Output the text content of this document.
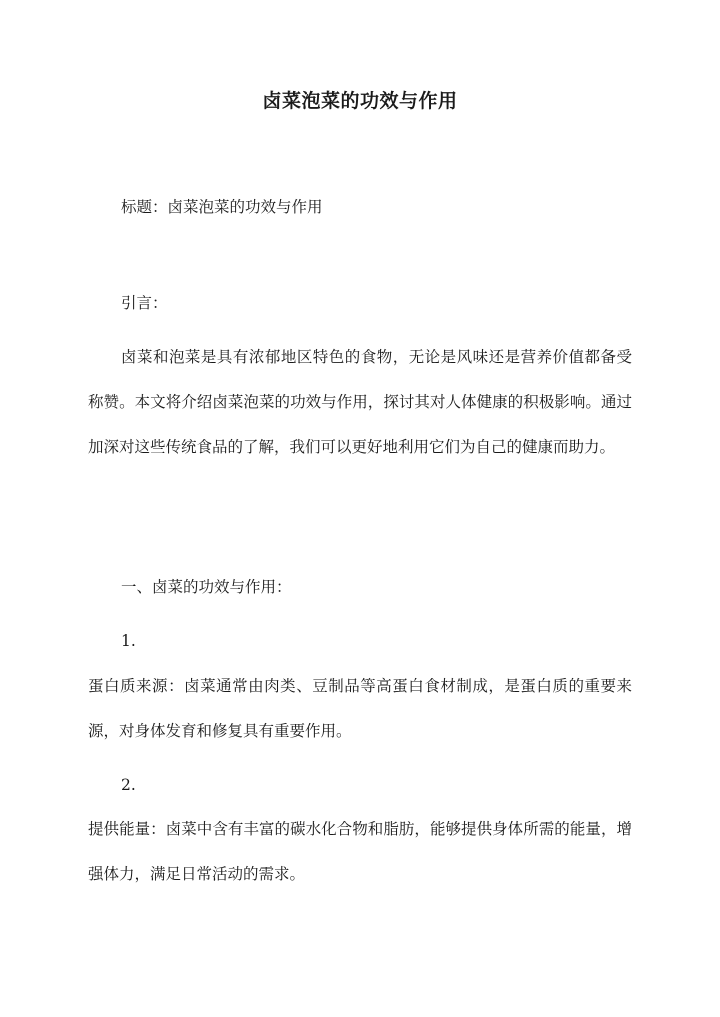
卤菜泡菜的功效与作用
标题：卤菜泡菜的功效与作用
引言：
卤菜和泡菜是具有浓郁地区特色的食物，无论是风味还是营养价值都备受称赞。本文将介绍卤菜泡菜的功效与作用，探讨其对人体健康的积极影响。通过加深对这些传统食品的了解，我们可以更好地利用它们为自己的健康而助力。
一、卤菜的功效与作用：
1.
蛋白质来源：卤菜通常由肉类、豆制品等高蛋白食材制成，是蛋白质的重要来源，对身体发育和修复具有重要作用。
2.
提供能量：卤菜中含有丰富的碳水化合物和脂肪，能够提供身体所需的能量，增强体力，满足日常活动的需求。
